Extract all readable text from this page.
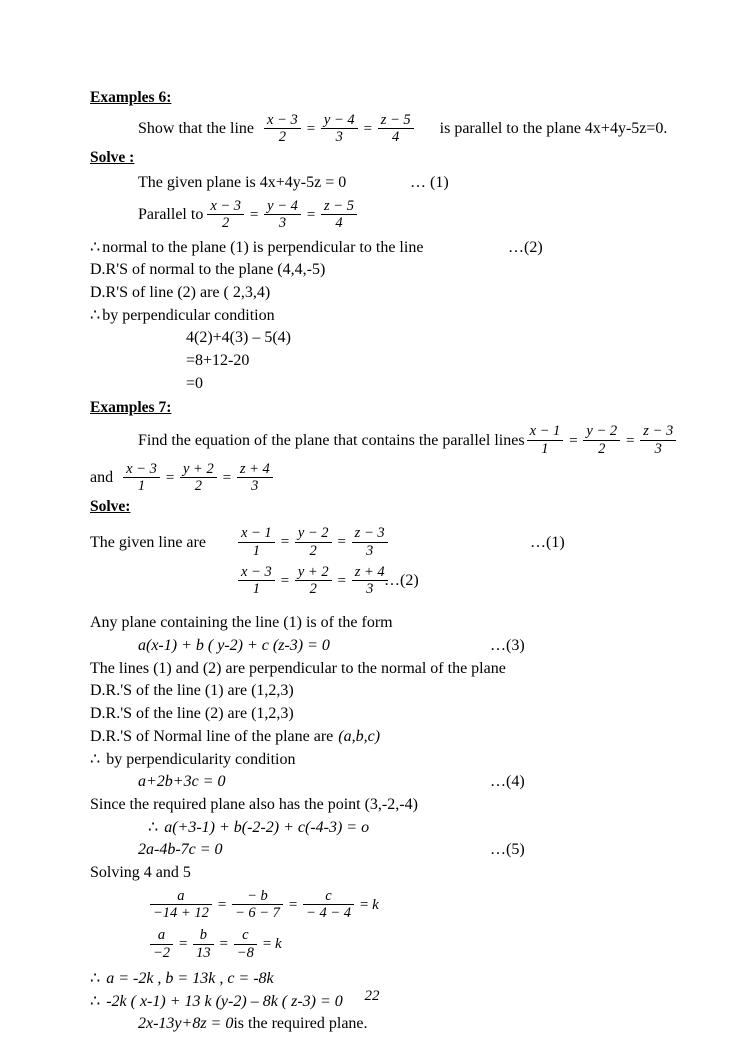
Examples 6:
Show that the line $\frac{x - 3}{2} = \frac{y - 4}{3} = \frac{z - 5}{4}$ is parallel to the plane 4x+4y-5z=0.
Solve :
The given plane is 4x+4y-5z = 0	… (1)
Parallel to $\frac{x - 3}{2} = \frac{y - 4}{3} = \frac{z - 5}{4}$
∴ normal to the plane (1) is perpendicular to the line	…(2)
D.R'S of normal to the plane (4,4,-5)
D.R'S of line (2) are ( 2,3,4)
∴ by perpendicular condition
4(2)+4(3) – 5(4)
=8+12-20
=0
Examples 7:
Find the equation of the plane that contains the parallel lines $\frac{x - 1}{1} = \frac{y - 2}{2} = \frac{z - 3}{3}$
and $\frac{x - 3}{1} = \frac{y + 2}{2} = \frac{z + 4}{3}$
Solve:
The given line are $\frac{x - 1}{1} = \frac{y - 2}{2} = \frac{z - 3}{3}$	…(1)
$\frac{x - 3}{1} = \frac{y + 2}{2} = \frac{z + 4}{3}$
…(2)
Any plane containing the line (1) is of the form
a(x-1) + b ( y-2) + c (z-3) = 0	…(3)
The lines (1) and (2) are perpendicular to the normal of the plane
D.R.'S of the line (1) are (1,2,3)
D.R.'S of the line (2) are (1,2,3)
D.R.'S of Normal line of the plane are (a,b,c)
∴ by perpendicularity condition
a+2b+3c = 0	…(4)
Since the required plane also has the point (3,-2,-4)
∴ a(+3-1) + b(-2-2) + c(-4-3) = o
2a-4b-7c = 0	…(5)
Solving 4 and 5
$\frac{a}{-14 + 12} = \frac{- b}{- 6 - 7} = \frac{c}{- 4 - 4} = k$
$\frac{a}{-2} = \frac{b}{13} = \frac{c}{-8} = k$
∴ a = -2k , b = 13k , c = -8k
∴ -2k ( x-1) + 13 k (y-2) – 8k ( z-3) = 0
2x-13y+8z = 0 is the required plane.
22
